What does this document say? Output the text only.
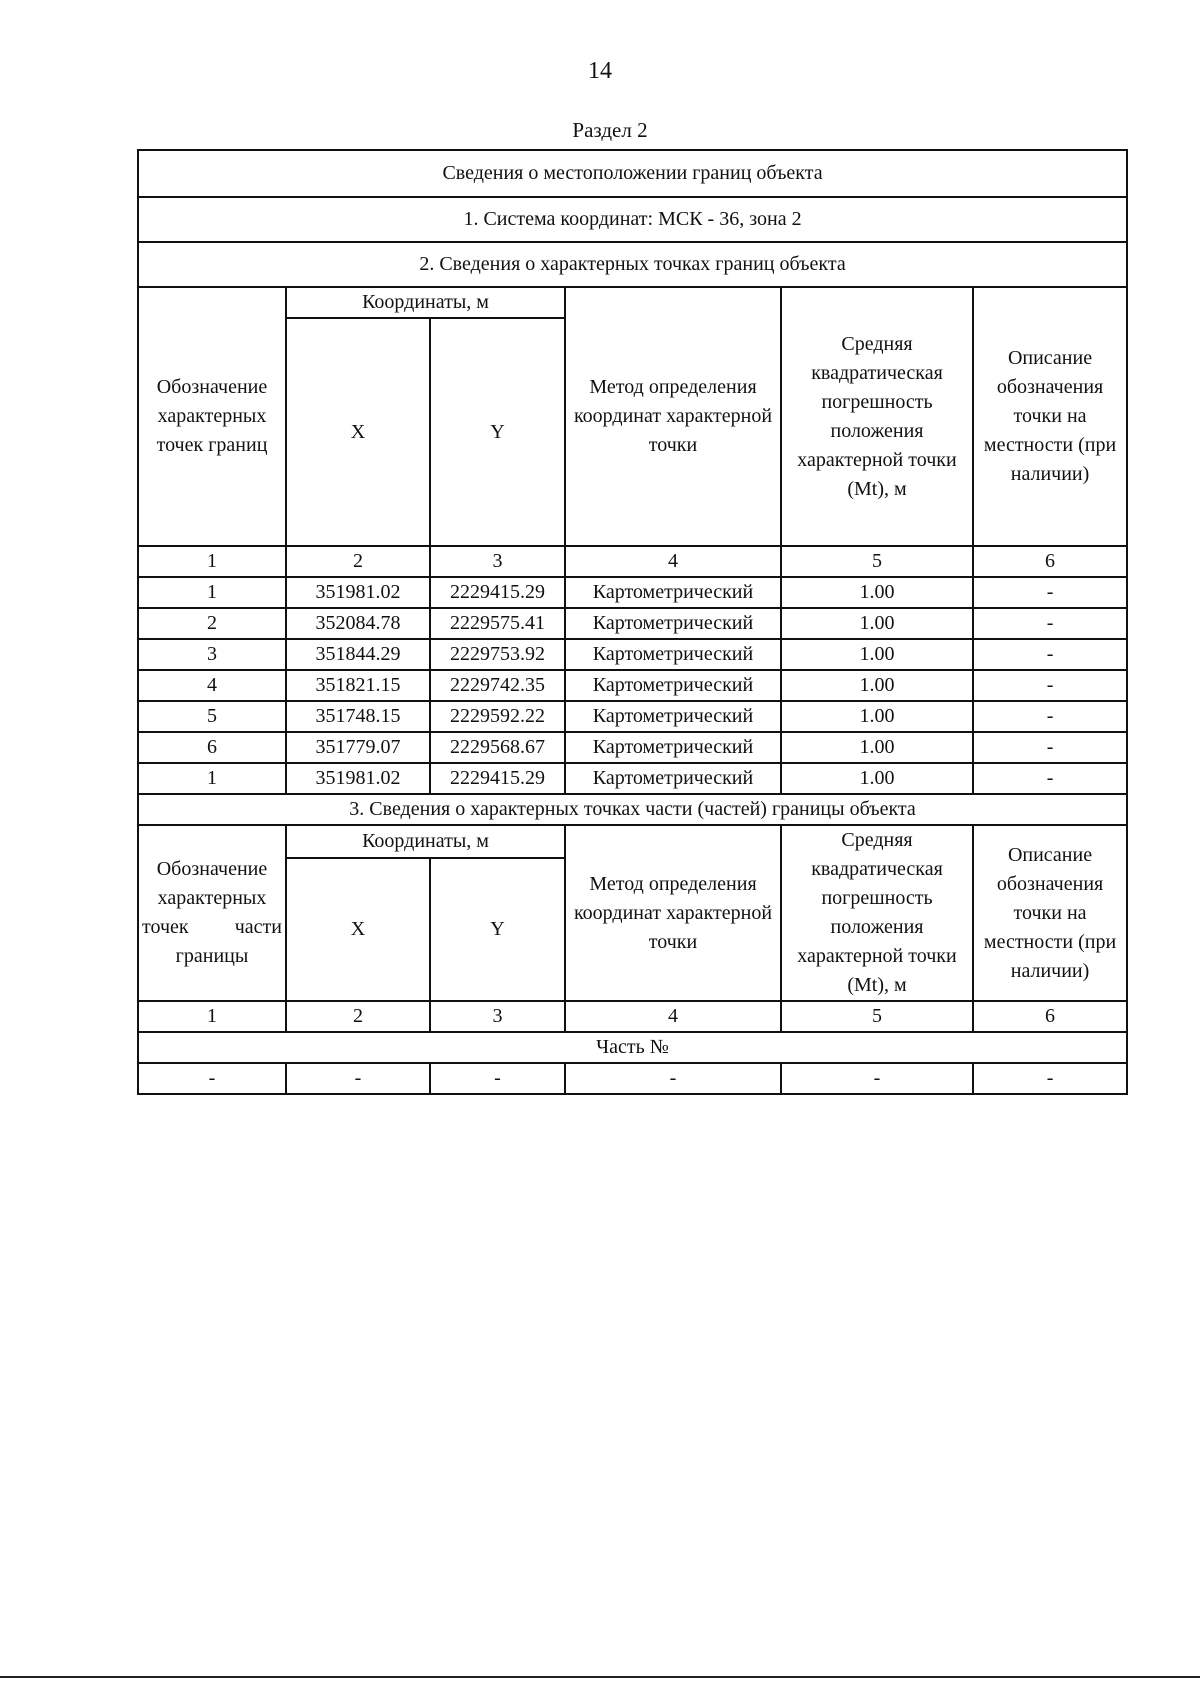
14
Раздел 2
Сведения о местоположении границ объекта					
1. Система координат: МСК - 36, зона 2					
2. Сведения о характерных точках границ объекта					
Обозначение характерных точек границ	Координаты, м		Метод определения координат характерной точки	Средняя квадратическая погрешность положения характерной точки (Mt), м	Описание обозначения точки на местности (при наличии)
	X	Y			
1	2	3	4	5	6
1	351981.02	2229415.29	Картометрический	1.00	-
2	352084.78	2229575.41	Картометрический	1.00	-
3	351844.29	2229753.92	Картометрический	1.00	-
4	351821.15	2229742.35	Картометрический	1.00	-
5	351748.15	2229592.22	Картометрический	1.00	-
6	351779.07	2229568.67	Картометрический	1.00	-
1	351981.02	2229415.29	Картометрический	1.00	-
3. Сведения о характерных точках части (частей) границы объекта					

Обозначение
характерных
точек части
границы	Координаты, м		Метод определения координат характерной точки	Средняя квадратическая погрешность положения характерной точки (Mt), м	Описание обозначения точки на местности (при наличии)
	X	Y			
1	2	3	4	5	6
Часть №					
-	-	-	-	-	-
